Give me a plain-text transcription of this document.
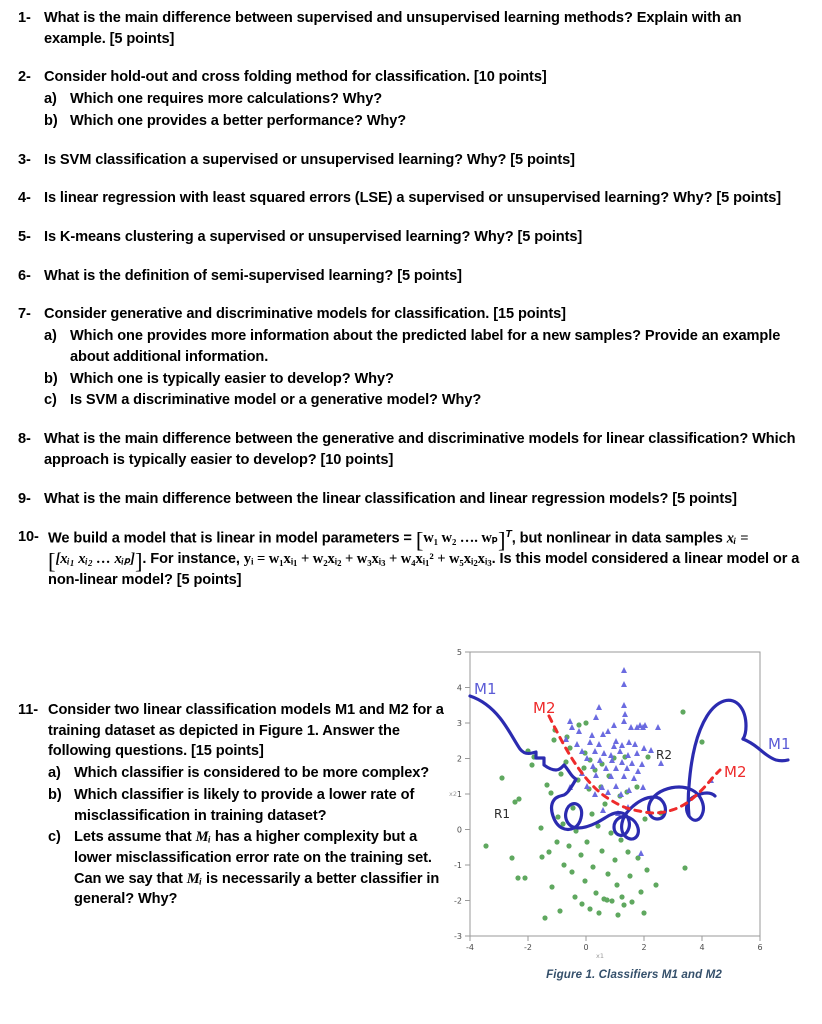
1- What is the main difference between supervised and unsupervised learning methods? Explain with an example. [5 points]
2- Consider hold-out and cross folding method for classification. [10 points]
a) Which one requires more calculations? Why?
b) Which one provides a better performance? Why?
3- Is SVM classification a supervised or unsupervised learning? Why? [5 points]
4- Is linear regression with least squared errors (LSE) a supervised or unsupervised learning? Why? [5 points]
5- Is K-means clustering a supervised or unsupervised learning? Why? [5 points]
6- What is the definition of semi-supervised learning? [5 points]
7- Consider generative and discriminative models for classification. [15 points]
a) Which one provides more information about the predicted label for a new samples? Provide an example about additional information.
b) Which one is typically easier to develop? Why?
c) Is SVM a discriminative model or a generative model? Why?
8- What is the main difference between the generative and discriminative models for linear classification? Which approach is typically easier to develop? [10 points]
9- What is the main difference between the linear classification and linear regression models? [5 points]
10- We build a model that is linear in model parameters = [w₁ w₂ …. wₚ]$^T$, but nonlinear in data samples xᵢ = [[xᵢ₁ xᵢ₂ … xᵢₚ]]. For instance, yᵢ = w₁xᵢ₁ + w₂xᵢ₂ + w₃xᵢ₃ + w₄xᵢ₁² + w₅xᵢ₂xᵢ₃. Is this model considered a linear model or a non-linear model? [5 points]
11- Consider two linear classification models M1 and M2 for a training dataset as depicted in Figure 1. Answer the following questions. [15 points]
a) Which classifier is considered to be more complex?
b) Which classifier is likely to provide a lower rate of misclassification in training dataset?
c) Lets assume that Mᵢ has a higher complexity but a lower misclassification error rate on the training set. Can we say that Mᵢ is necessarily a better classifier in general? Why?
-3
-2
-1
0
1
2
3
4
5
-4	-2	0	2	4	6
x1
x2
M1
M1
M2
M2
R1
R2
Figure 1. Classifiers M1 and M2
